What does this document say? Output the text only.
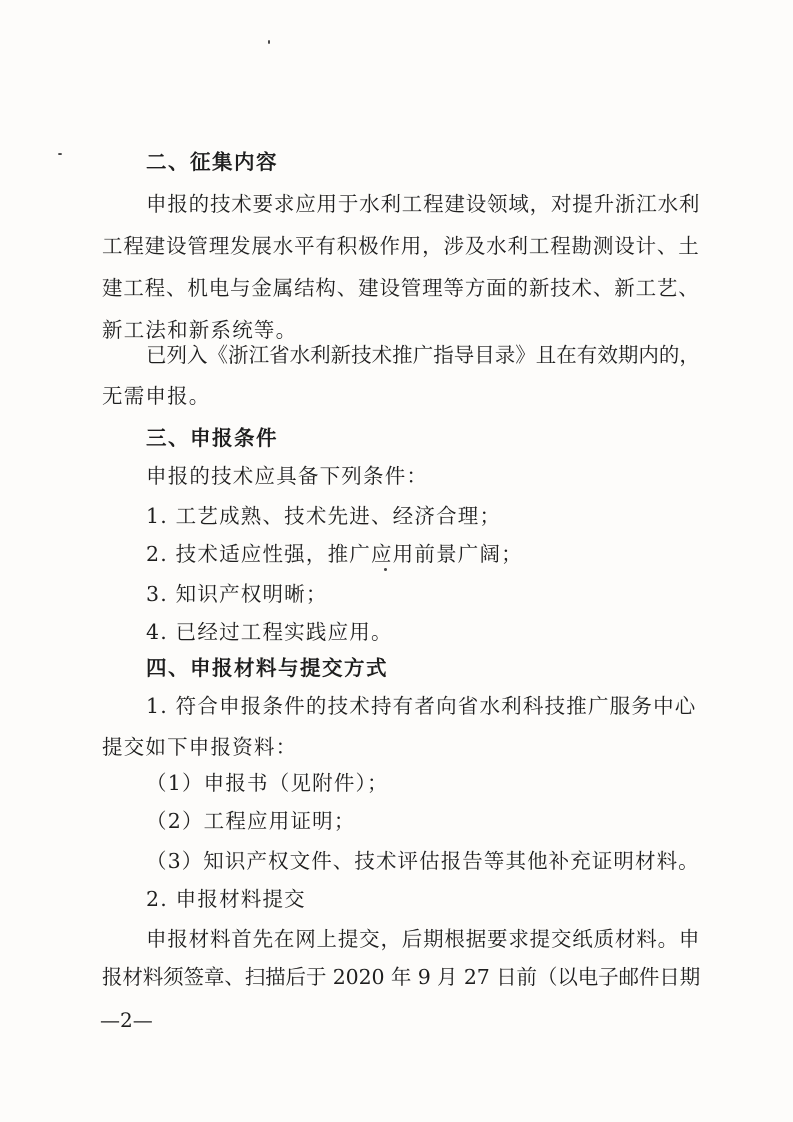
二、征集内容
申报的技术要求应用于水利工程建设领域，对提升浙江水利
工程建设管理发展水平有积极作用，涉及水利工程勘测设计、土
建工程、机电与金属结构、建设管理等方面的新技术、新工艺、
新工法和新系统等。
已列入《浙江省水利新技术推广指导目录》且在有效期内的，
无需申报。
三、申报条件
申报的技术应具备下列条件：
1. 工艺成熟、技术先进、经济合理；
2. 技术适应性强，推广应用前景广阔；
3. 知识产权明晰；
4. 已经过工程实践应用。
四、申报材料与提交方式
1. 符合申报条件的技术持有者向省水利科技推广服务中心
提交如下申报资料：
（1）申报书（见附件）；
（2）工程应用证明；
（3）知识产权文件、技术评估报告等其他补充证明材料。
2. 申报材料提交
申报材料首先在网上提交，后期根据要求提交纸质材料。申
报材料须签章、扫描后于 2020 年 9 月 27 日前（以电子邮件日期
—2—
